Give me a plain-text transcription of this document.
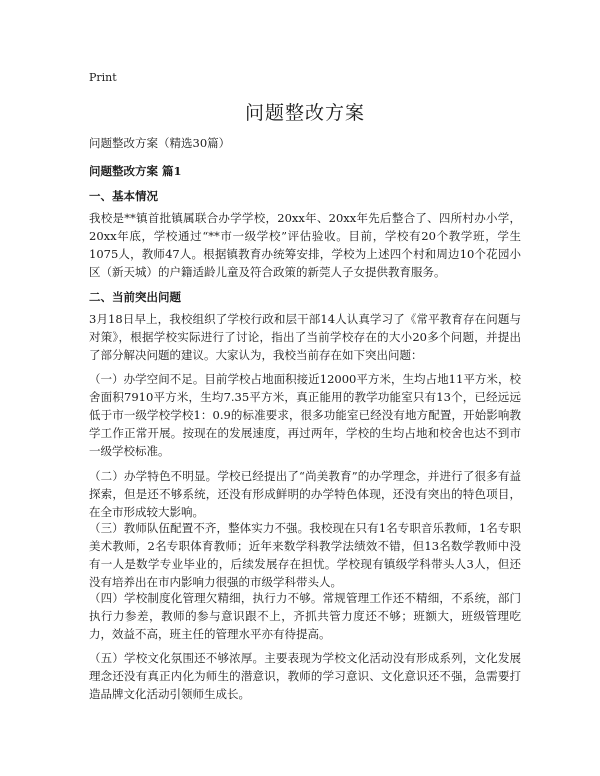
Print
问题整改方案
问题整改方案（精选30篇）
问题整改方案 篇1
一、基本情况
我校是**镇首批镇属联合办学学校，20xx年、20xx年先后整合了、四所村办小学，20xx年底，学校通过“**市一级学校”评估验收。目前，学校有20个教学班，学生1075人，教师47人。根据镇教育办统筹安排，学校为上述四个村和周边10个花园小区（新天城）的户籍适龄儿童及符合政策的新莞人子女提供教育服务。
二、当前突出问题
3月18日早上，我校组织了学校行政和层干部14人认真学习了《常平教育存在问题与对策》，根据学校实际进行了讨论，指出了当前学校存在的大小20多个问题，并提出了部分解决问题的建议。大家认为，我校当前存在如下突出问题：
（一）办学空间不足。目前学校占地面积接近12000平方米，生均占地11平方米，校舍面积7910平方米，生均7.35平方米，真正能用的教学功能室只有13个，已经远远低于市一级学校学校1：0.9的标准要求，很多功能室已经没有地方配置，开始影响教学工作正常开展。按现在的发展速度，再过两年，学校的生均占地和校舍也达不到市一级学校标准。
（二）办学特色不明显。学校已经提出了“尚美教育”的办学理念，并进行了很多有益探索，但是还不够系统，还没有形成鲜明的办学特色体现，还没有突出的特色项目，在全市形成较大影响。
（三）教师队伍配置不齐，整体实力不强。我校现在只有1名专职音乐教师，1名专职美术教师，2名专职体育教师；近年来数学科教学法绩效不错，但13名数学教师中没有一人是数学专业毕业的，后续发展存在担忧。学校现有镇级学科带头人3人，但还没有培养出在市内影响力很强的市级学科带头人。
（四）学校制度化管理欠精细，执行力不够。常规管理工作还不精细，不系统，部门执行力参差，教师的参与意识跟不上，齐抓共管力度还不够；班额大，班级管理吃力，效益不高，班主任的管理水平亦有待提高。
（五）学校文化氛围还不够浓厚。主要表现为学校文化活动没有形成系列，文化发展理念还没有真正内化为师生的潜意识，教师的学习意识、文化意识还不强，急需要打造品牌文化活动引领师生成长。
